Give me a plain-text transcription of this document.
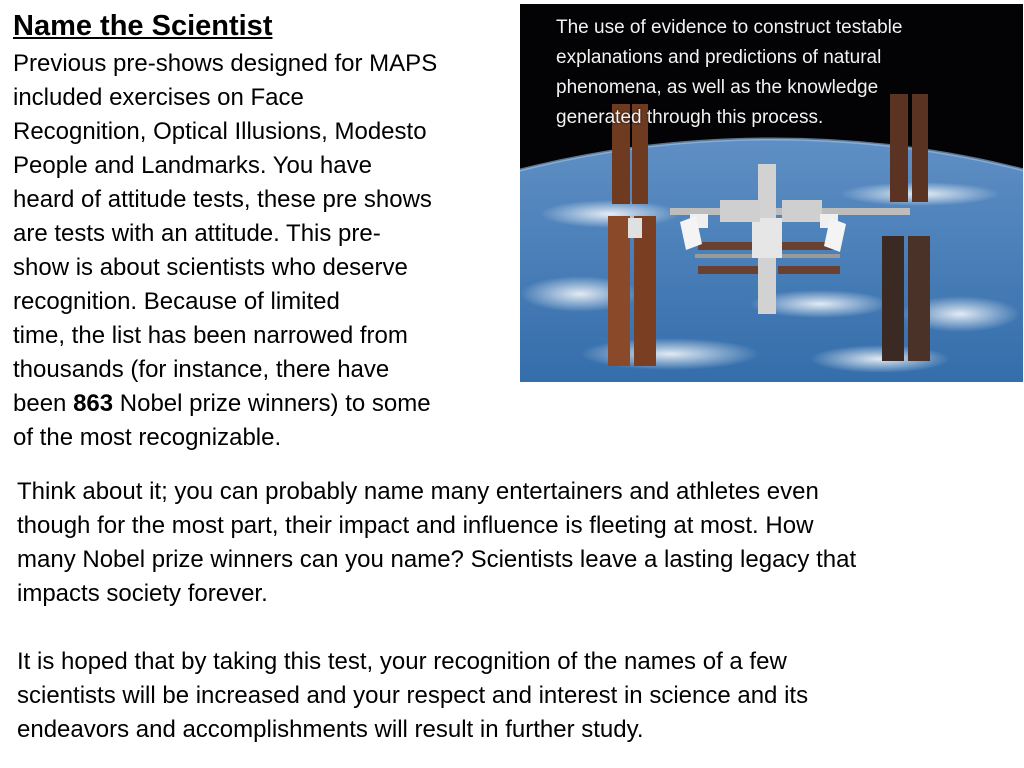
Name the Scientist

Previous pre-shows designed for MAPS
included exercises on Face
Recognition, Optical Illusions, Modesto
People and Landmarks. You have
heard of attitude tests, these pre shows
are tests with an attitude. This pre-
show is about scientists who deserve
recognition. Because of limited
time, the list has been narrowed from
thousands (for instance, there have
been 863 Nobel prize winners) to some
of the most recognizable.

The use of evidence to construct testable
explanations and predictions of natural
phenomena, as well as the knowledge
generated through this process.

Think about it; you can probably name many entertainers and athletes even
though for the most part, their impact and influence is fleeting at most. How
many Nobel prize winners can you name? Scientists leave a lasting legacy that
impacts society forever.

It is hoped that by taking this test, your recognition of the names of a few
scientists will be increased and your respect and interest in science and its
endeavors and accomplishments will result in further study.
